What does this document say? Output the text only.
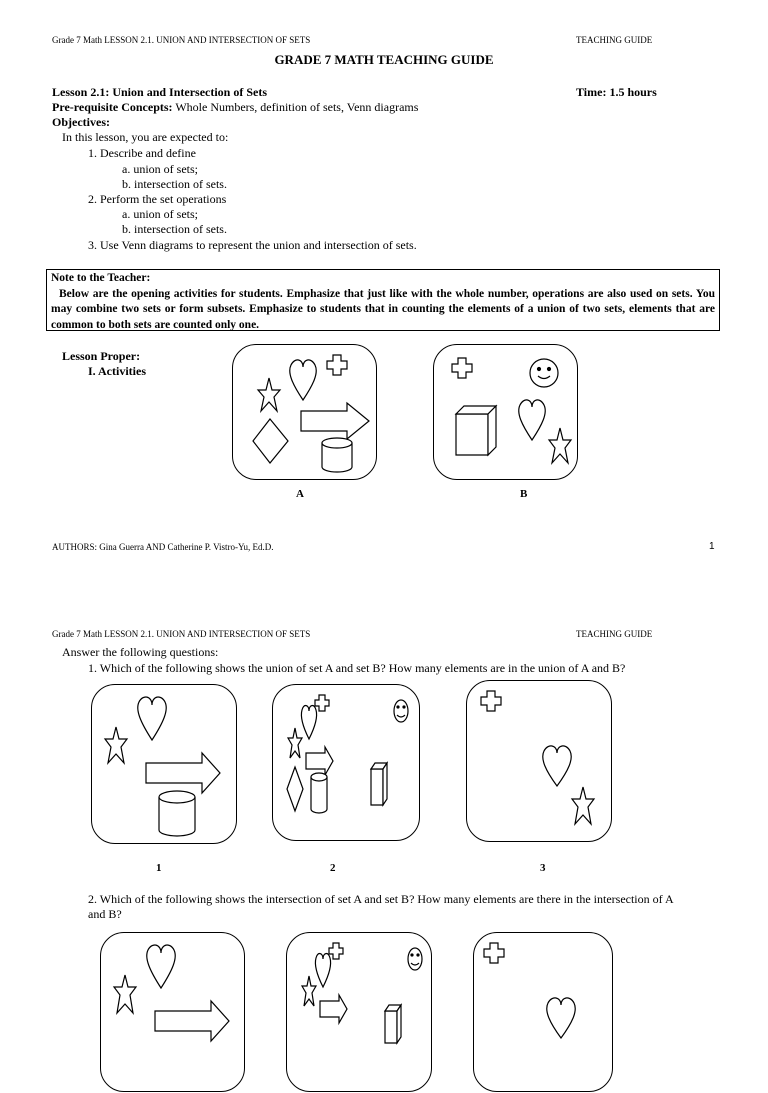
Grade 7 Math LESSON 2.1. UNION AND INTERSECTION OF SETS	TEACHING GUIDE
GRADE 7 MATH TEACHING GUIDE
Lesson 2.1: Union and Intersection of Sets	Time: 1.5 hours
Pre-requisite Concepts: Whole Numbers, definition of sets, Venn diagrams
Objectives:
In this lesson, you are expected to:
1. Describe and define
a. union of sets;
b. intersection of sets.
2. Perform the set operations
a. union of sets;
b. intersection of sets.
3. Use Venn diagrams to represent the union and intersection of sets.

Note to the Teacher:

Below are the opening activities for students. Emphasize that just like with the whole number, operations are also used on sets. You may combine two sets or form subsets. Emphasize to students that in counting the elements of a union of two sets, elements that are common to both sets are counted only one.

Lesson Proper:
I. Activities
A	B
AUTHORS: Gina Guerra AND Catherine P. Vistro-Yu, Ed.D.	1
Grade 7 Math LESSON 2.1. UNION AND INTERSECTION OF SETS	TEACHING GUIDE
Answer the following questions:
1. Which of the following shows the union of set A and set B? How many elements are in the union of A and B?
1	2	3
2. Which of the following shows the intersection of set A and set B? How many elements are there in the intersection of A
and B?
